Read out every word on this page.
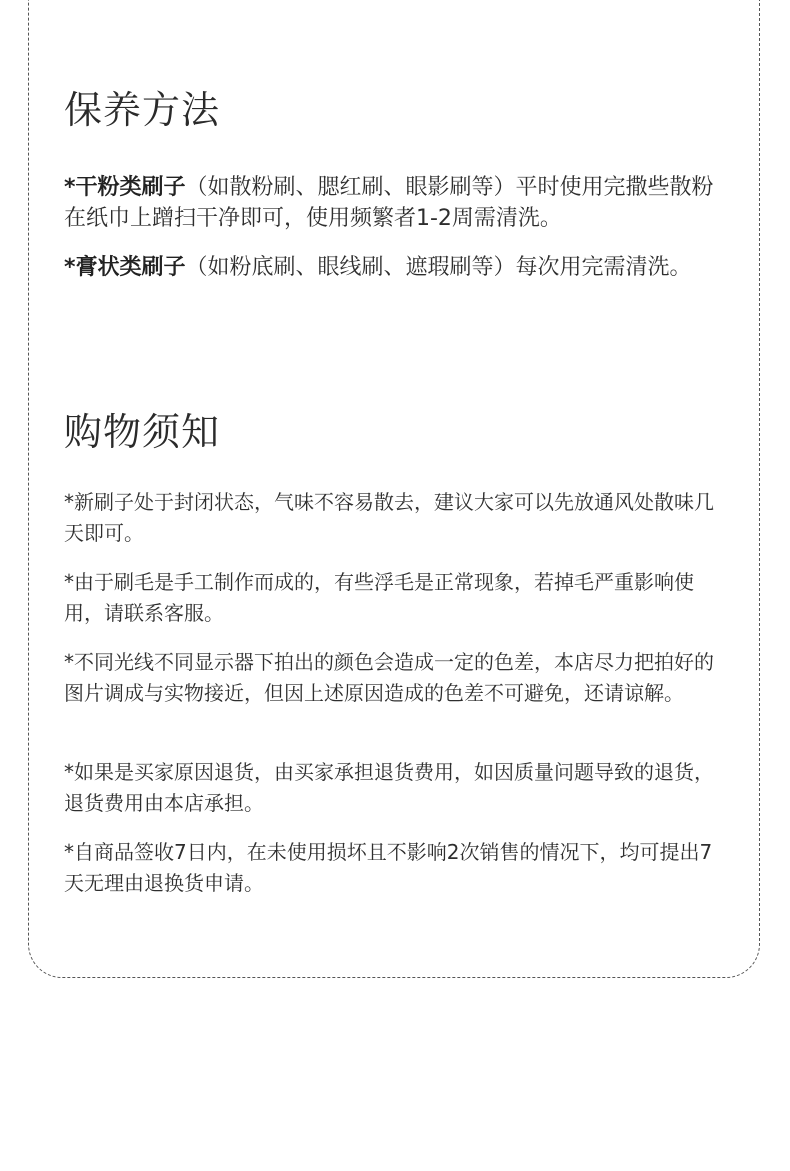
保养方法

*干粉类刷子（如散粉刷、腮红刷、眼影刷等）平时使用完撒些散粉在纸巾上蹭扫干净即可，使用频繁者1-2周需清洗。

*膏状类刷子（如粉底刷、眼线刷、遮瑕刷等）每次用完需清洗。

购物须知

*新刷子处于封闭状态，气味不容易散去，建议大家可以先放通风处散味几天即可。

*由于刷毛是手工制作而成的，有些浮毛是正常现象，若掉毛严重影响使用，请联系客服。

*不同光线不同显示器下拍出的颜色会造成一定的色差，本店尽力把拍好的图片调成与实物接近，但因上述原因造成的色差不可避免，还请谅解。

*如果是买家原因退货，由买家承担退货费用，如因质量问题导致的退货，退货费用由本店承担。

*自商品签收7日内，在未使用损坏且不影响2次销售的情况下，均可提出7天无理由退换货申请。
